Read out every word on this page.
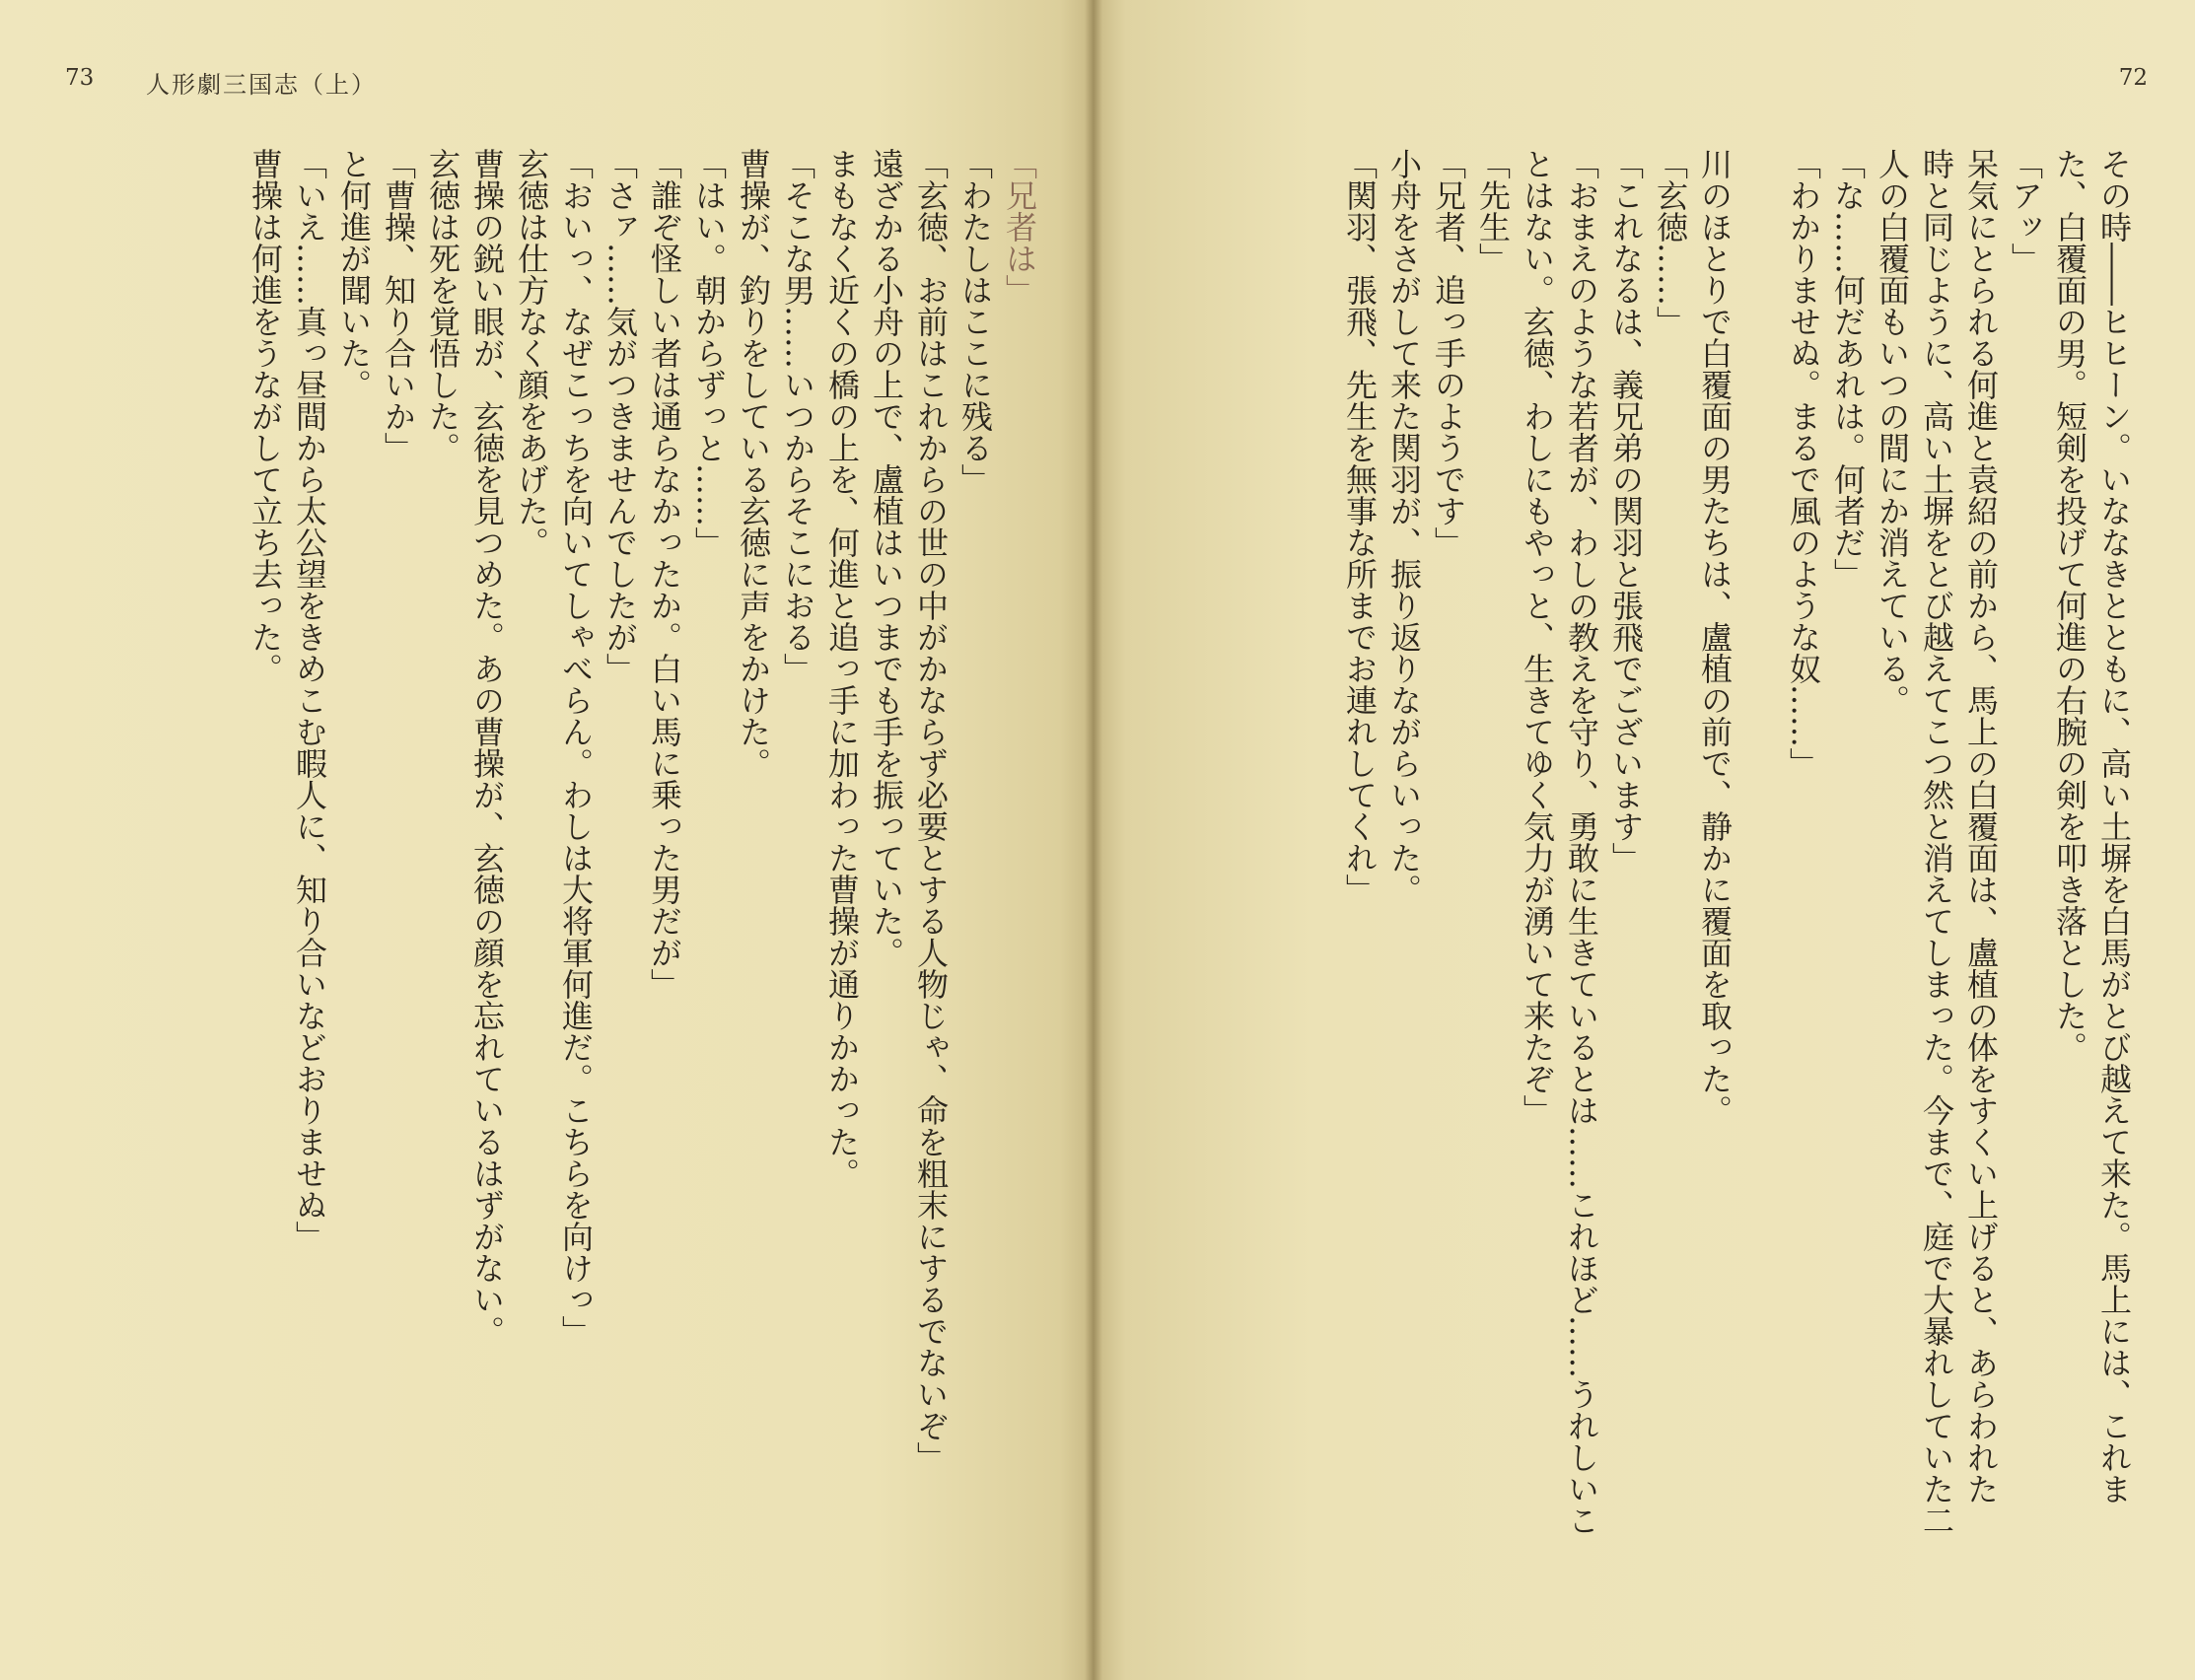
73 人形劇三国志（上）
「兄者は」
「わたしはここに残る」
「玄徳、お前はこれからの世の中がかならず必要とする人物じゃ、命を粗末にするでないぞ」
遠ざかる小舟の上で、盧植はいつまでも手を振っていた。
まもなく近くの橋の上を、何進と追っ手に加わった曹操が通りかかった。
「そこな男……いつからそこにおる」
曹操が、釣りをしている玄徳に声をかけた。
「はい。朝からずっと……」
「誰ぞ怪しい者は通らなかったか。白い馬に乗った男だが」
「さァ……気がつきませんでしたが」
「おいっ、なぜこっちを向いてしゃべらん。わしは大将軍何進だ。こちらを向けっ」
玄徳は仕方なく顔をあげた。
曹操の鋭い眼が、玄徳を見つめた。あの曹操が、玄徳の顔を忘れているはずがない。
玄徳は死を覚悟した。
「曹操、知り合いか」
と何進が聞いた。
「いえ……真っ昼間から太公望をきめこむ暇人に、知り合いなどおりませぬ」
曹操は何進をうながして立ち去った。
72
その時――ヒヒーン。いななきとともに、高い土塀を白馬がとび越えて来た。馬上には、これま
た、白覆面の男。短剣を投げて何進の右腕の剣を叩き落とした。
「アッ」
呆気にとられる何進と袁紹の前から、馬上の白覆面は、盧植の体をすくい上げると、あらわれた
時と同じように、高い土塀をとび越えてこつ然と消えてしまった。今まで、庭で大暴れしていた二
人の白覆面もいつの間にか消えている。
「な……何だあれは。何者だ」
「わかりませぬ。まるで風のような奴……」
川のほとりで白覆面の男たちは、盧植の前で、静かに覆面を取った。
「玄徳……」
「これなるは、義兄弟の関羽と張飛でございます」
「おまえのような若者が、わしの教えを守り、勇敢に生きているとは……これほど……うれしいこ
とはない。玄徳、わしにもやっと、生きてゆく気力が湧いて来たぞ」
「先生」
「兄者、追っ手のようです」
小舟をさがして来た関羽が、振り返りながらいった。
「関羽、張飛、先生を無事な所までお連れしてくれ」
